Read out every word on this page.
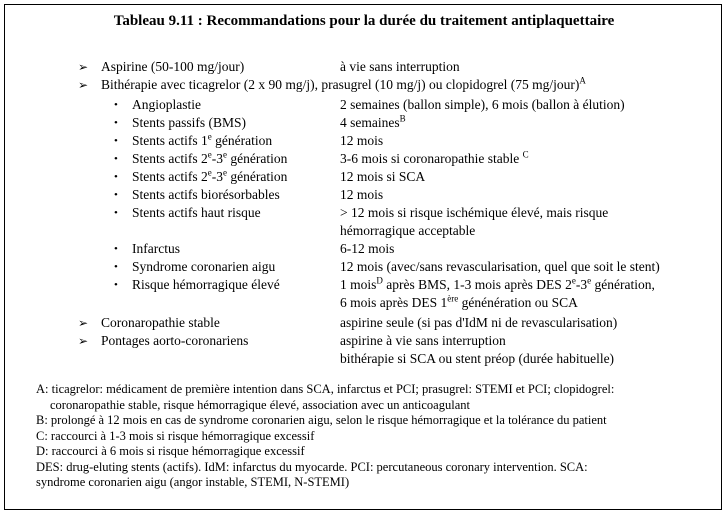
Tableau 9.11 : Recommandations pour la durée du traitement antiplaquettaire
➢ Aspirine (50-100 mg/jour)	à vie sans interruption
➢ Bithérapie avec ticagrelor (2 x 90 mg/j), prasugrel (10 mg/j) ou clopidogrel (75 mg/jour)$^A$
• Angioplastie	2 semaines (ballon simple), 6 mois (ballon à élution)
• Stents passifs (BMS)	4 semaines$^B$
• Stents actifs 1e génération	12 mois
• Stents actifs 2e-3e génération	3-6 mois si coronaropathie stable $^C$
• Stents actifs 2e-3e génération	12 mois si SCA
• Stents actifs biorésorbables	12 mois
• Stents actifs haut risque	> 12 mois si risque ischémique élevé, mais risque
hémorragique acceptable
• Infarctus	6-12 mois
• Syndrome coronarien aigu	12 mois (avec/sans revascularisation, quel que soit le stent)
• Risque hémorragique élevé	1 mois$^D$ après BMS, 1-3 mois après DES 2e-3e génération,
6 mois après DES 1ère génénération ou SCA
➢ Coronaropathie stable	aspirine seule (si pas d'IdM ni de revascularisation)
➢ Pontages aorto-coronariens	aspirine à vie sans interruption
bithérapie si SCA ou stent préop (durée habituelle)
A: ticagrelor: médicament de première intention dans SCA, infarctus et PCI; prasugrel: STEMI et PCI; clopidogrel:
coronaropathie stable, risque hémorragique élevé, association avec un anticoagulant
B: prolongé à 12 mois en cas de syndrome coronarien aigu, selon le risque hémorragique et la tolérance du patient
C: raccourci à 1-3 mois si risque hémorragique excessif
D: raccourci à 6 mois si risque hémorragique excessif
DES: drug-eluting stents (actifs). IdM: infarctus du myocarde. PCI: percutaneous coronary intervention. SCA:
syndrome coronarien aigu (angor instable, STEMI, N-STEMI)
